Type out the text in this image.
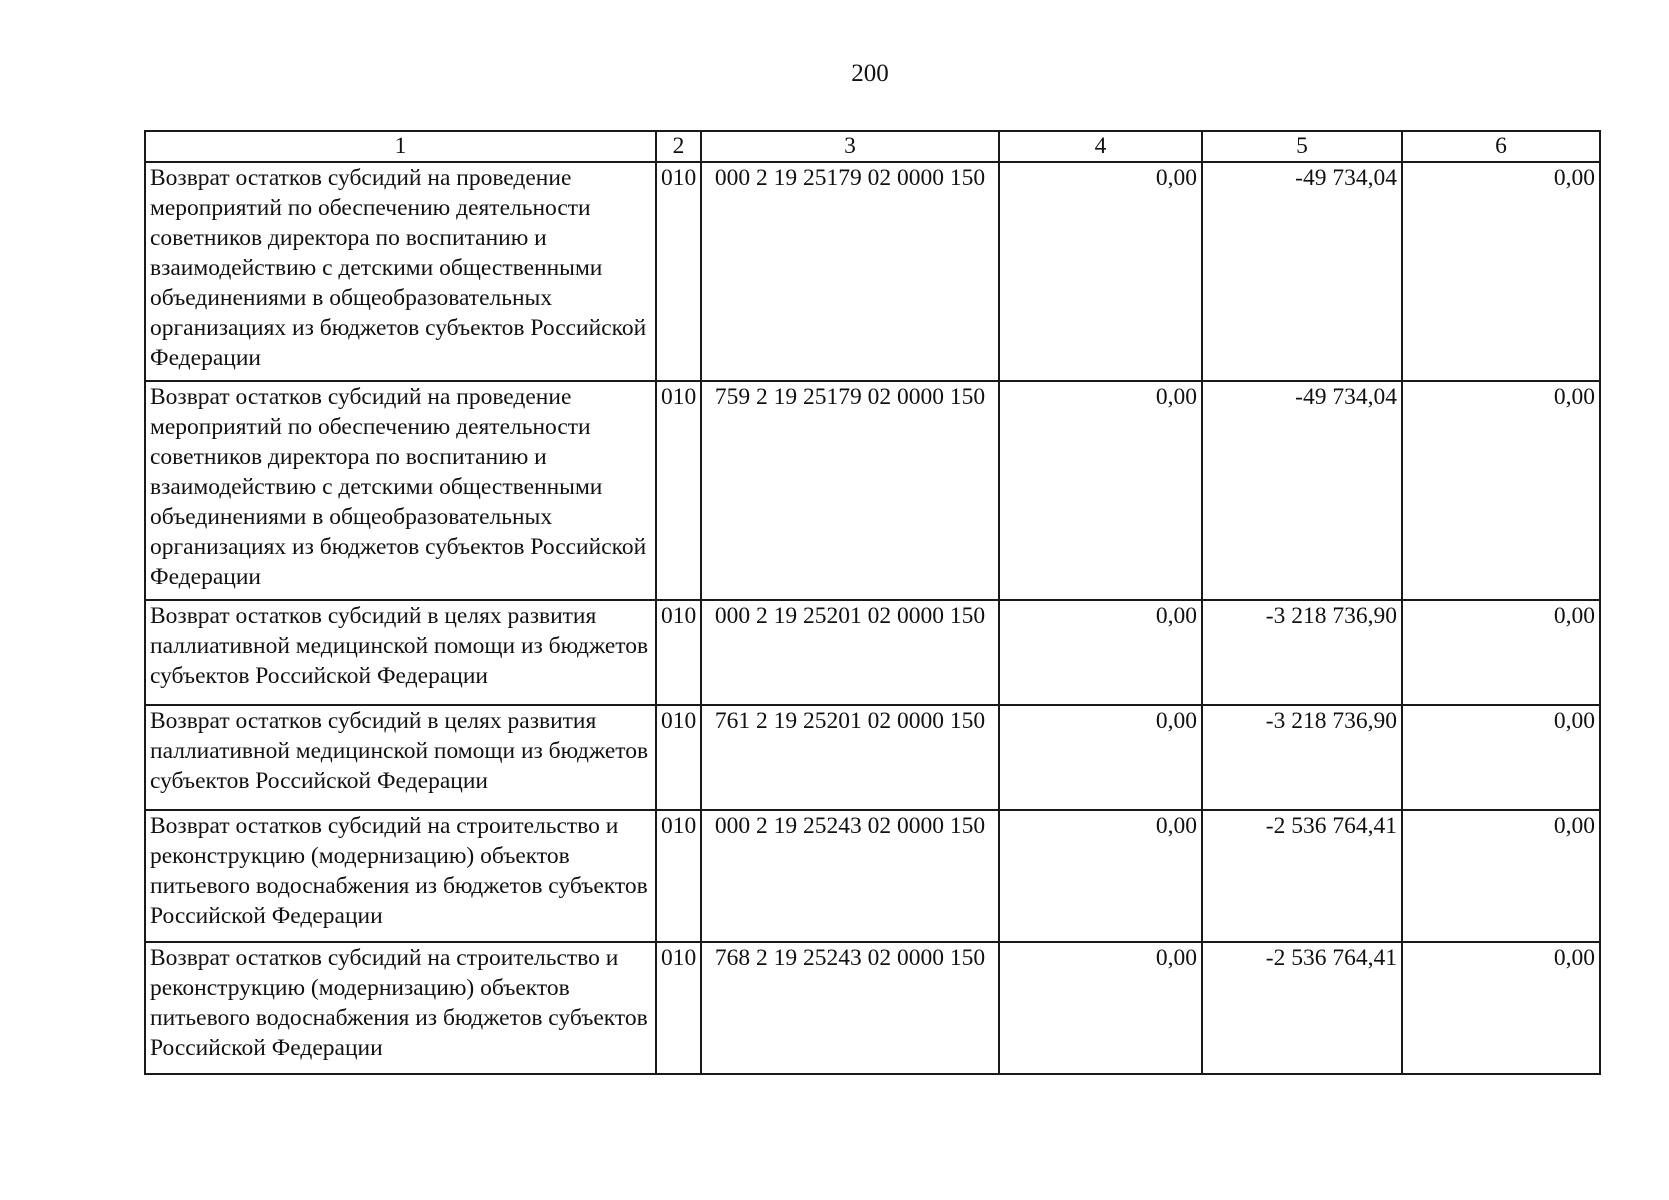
200
1	2	3	4	5	6
Возврат остатков субсидий на проведение мероприятий по обеспечению деятельности советников директора по воспитанию и взаимодействию с детскими общественными объединениями в общеобразовательных организациях из бюджетов субъектов Российской Федерации	010	000 2 19 25179 02 0000 150	0,00	-49 734,04	0,00
Возврат остатков субсидий на проведение мероприятий по обеспечению деятельности советников директора по воспитанию и взаимодействию с детскими общественными объединениями в общеобразовательных организациях из бюджетов субъектов Российской Федерации	010	759 2 19 25179 02 0000 150	0,00	-49 734,04	0,00
Возврат остатков субсидий в целях развития паллиативной медицинской помощи из бюджетов субъектов Российской Федерации	010	000 2 19 25201 02 0000 150	0,00	-3 218 736,90	0,00
Возврат остатков субсидий в целях развития паллиативной медицинской помощи из бюджетов субъектов Российской Федерации	010	761 2 19 25201 02 0000 150	0,00	-3 218 736,90	0,00
Возврат остатков субсидий на строительство и реконструкцию (модернизацию) объектов питьевого водоснабжения из бюджетов субъектов Российской Федерации	010	000 2 19 25243 02 0000 150	0,00	-2 536 764,41	0,00
Возврат остатков субсидий на строительство и реконструкцию (модернизацию) объектов питьевого водоснабжения из бюджетов субъектов Российской Федерации	010	768 2 19 25243 02 0000 150	0,00	-2 536 764,41	0,00
